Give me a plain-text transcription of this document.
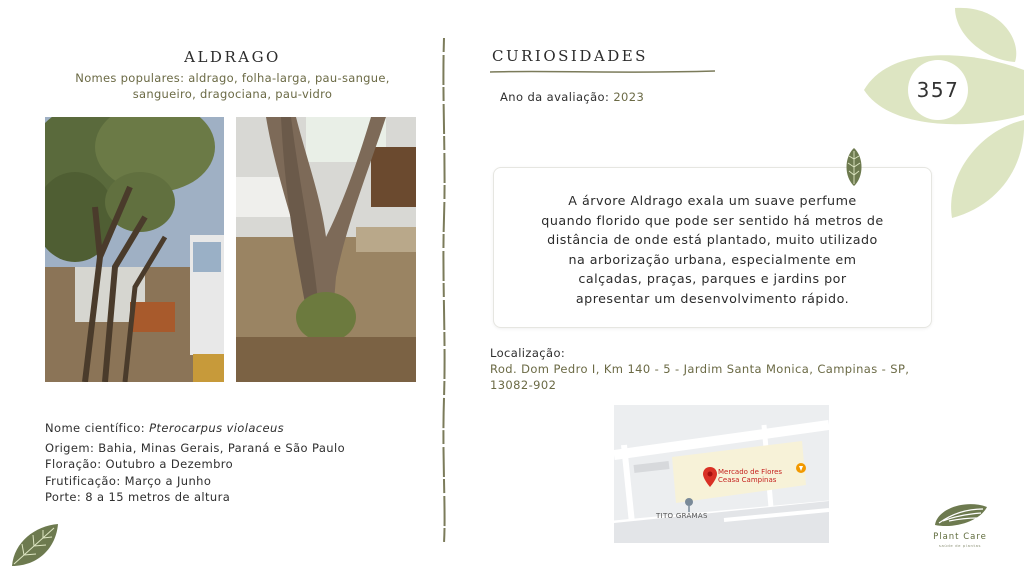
ALDRAGO
Nomes populares: aldrago, folha-larga, pau-sangue,
sangueiro, dragociana, pau-vidro
Nome científico: Pterocarpus violaceus
Origem: Bahia, Minas Gerais, Paraná e São Paulo
Floração: Outubro a Dezembro
Frutificação: Março a Junho
Porte: 8 a 15 metros de altura
CURIOSIDADES
Ano da avaliação: 2023	357
A árvore Aldrago exala um suave perfume
quando florido que pode ser sentido há metros de
distância de onde está plantado, muito utilizado
na arborização urbana, especialmente em
calçadas, praças, parques e jardins por
apresentar um desenvolvimento rápido.
Localização:
Rod. Dom Pedro I, Km 140 - 5 - Jardim Santa Monica, Campinas - SP,
13082-902
Mercado de Flores
Ceasa Campinas
TITO GRAMAS
Plant Care
saúde de plantas
